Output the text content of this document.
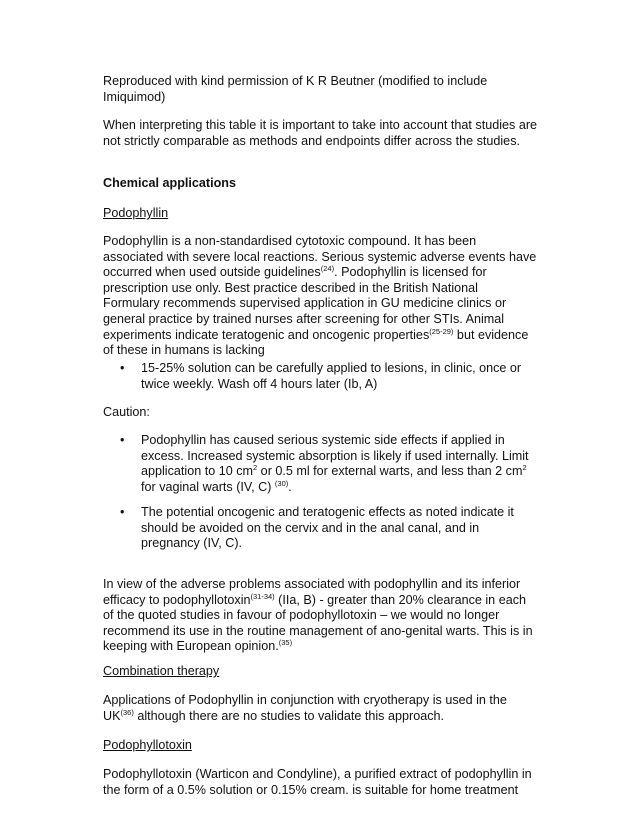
Reproduced with kind permission of K R Beutner (modified to include
Imiquimod)
When interpreting this table it is important to take into account that studies are
not strictly comparable as methods and endpoints differ across the studies.
Chemical applications
Podophyllin
Podophyllin is a non-standardised cytotoxic compound. It has been
associated with severe local reactions. Serious systemic adverse events have
occurred when used outside guidelines$^{(24)}$. Podophyllin is licensed for
prescription use only. Best practice described in the British National
Formulary recommends supervised application in GU medicine clinics or
general practice by trained nurses after screening for other STIs. Animal
experiments indicate teratogenic and oncogenic properties$^{(25-29)}$ but evidence
of these in humans is lacking
• 15-25% solution can be carefully applied to lesions, in clinic, once or
twice weekly. Wash off 4 hours later (Ib, A)
Caution:
• Podophyllin has caused serious systemic side effects if applied in
excess. Increased systemic absorption is likely if used internally. Limit
application to 10 $cm^2$ or 0.5 ml for external warts, and less than 2 $cm^2$
for vaginal warts (IV, C) $^{(30)}$.
• The potential oncogenic and teratogenic effects as noted indicate it
should be avoided on the cervix and in the anal canal, and in
pregnancy (IV, C).
In view of the adverse problems associated with podophyllin and its inferior
efficacy to podophyllotoxin$^{(31-34)}$ (IIa, B) - greater than 20% clearance in each
of the quoted studies in favour of podophyllotoxin – we would no longer
recommend its use in the routine management of ano-genital warts. This is in
keeping with European opinion.$^{(35)}$
Combination therapy
Applications of Podophyllin in conjunction with cryotherapy is used in the
UK$^{(36)}$ although there are no studies to validate this approach.
Podophyllotoxin
Podophyllotoxin (Warticon and Condyline), a purified extract of podophyllin in
the form of a 0.5% solution or 0.15% cream. is suitable for home treatment
